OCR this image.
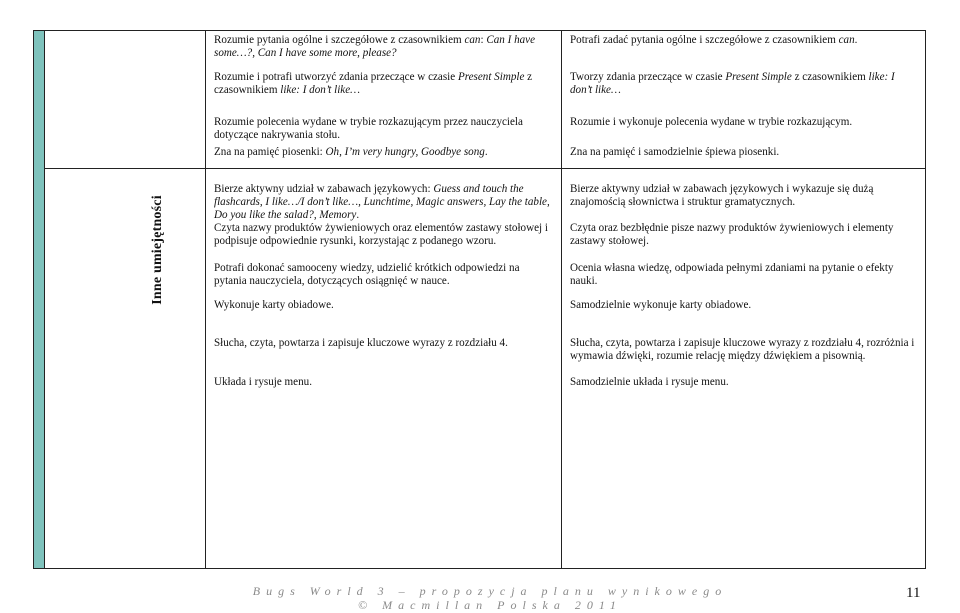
Inne umiejętności

Rozumie pytania ogólne i szczegółowe z czasownikiem can: Can I have some…?, Can I have some more, please?

Rozumie i potrafi utworzyć zdania przeczące w czasie Present Simple z czasownikiem like: I don’t like…

Rozumie polecenia wydane w trybie rozkazującym przez nauczyciela dotyczące nakrywania stołu.

Zna na pamięć piosenki: Oh, I’m very hungry, Goodbye song.

Potrafi zadać pytania ogólne i szczegółowe z czasownikiem can.

Tworzy zdania przeczące w czasie Present Simple z czasownikiem like: I don’t like…

Rozumie i wykonuje polecenia wydane w trybie rozkazującym.

Zna na pamięć i samodzielnie śpiewa piosenki.

Bierze aktywny udział w zabawach językowych: Guess and touch the flashcards, I like…/I don’t like…, Lunchtime, Magic answers, Lay the table, Do you like the salad?, Memory.

Czyta nazwy produktów żywieniowych oraz elementów zastawy stołowej i podpisuje odpowiednie rysunki, korzystając z podanego wzoru.

Potrafi dokonać samooceny wiedzy, udzielić krótkich odpowiedzi na pytania nauczyciela, dotyczących osiągnięć w nauce.

Wykonuje karty obiadowe.

Słucha, czyta, powtarza i zapisuje kluczowe wyrazy z rozdziału 4.

Układa i rysuje menu.

Bierze aktywny udział w zabawach językowych i wykazuje się dużą znajomością słownictwa i struktur gramatycznych.

Czyta oraz bezbłędnie pisze nazwy produktów żywieniowych i elementy zastawy stołowej.

Ocenia własna wiedzę, odpowiada pełnymi zdaniami na pytanie o efekty nauki.

Samodzielnie wykonuje karty obiadowe.

Słucha, czyta, powtarza i zapisuje kluczowe wyrazy z rozdziału 4, rozróżnia i wymawia dźwięki, rozumie relację między dźwiękiem a pisownią.

Samodzielnie układa i rysuje menu.

Bugs World 3 – propozycja planu wynikowego
© Macmillan Polska 2011
11
